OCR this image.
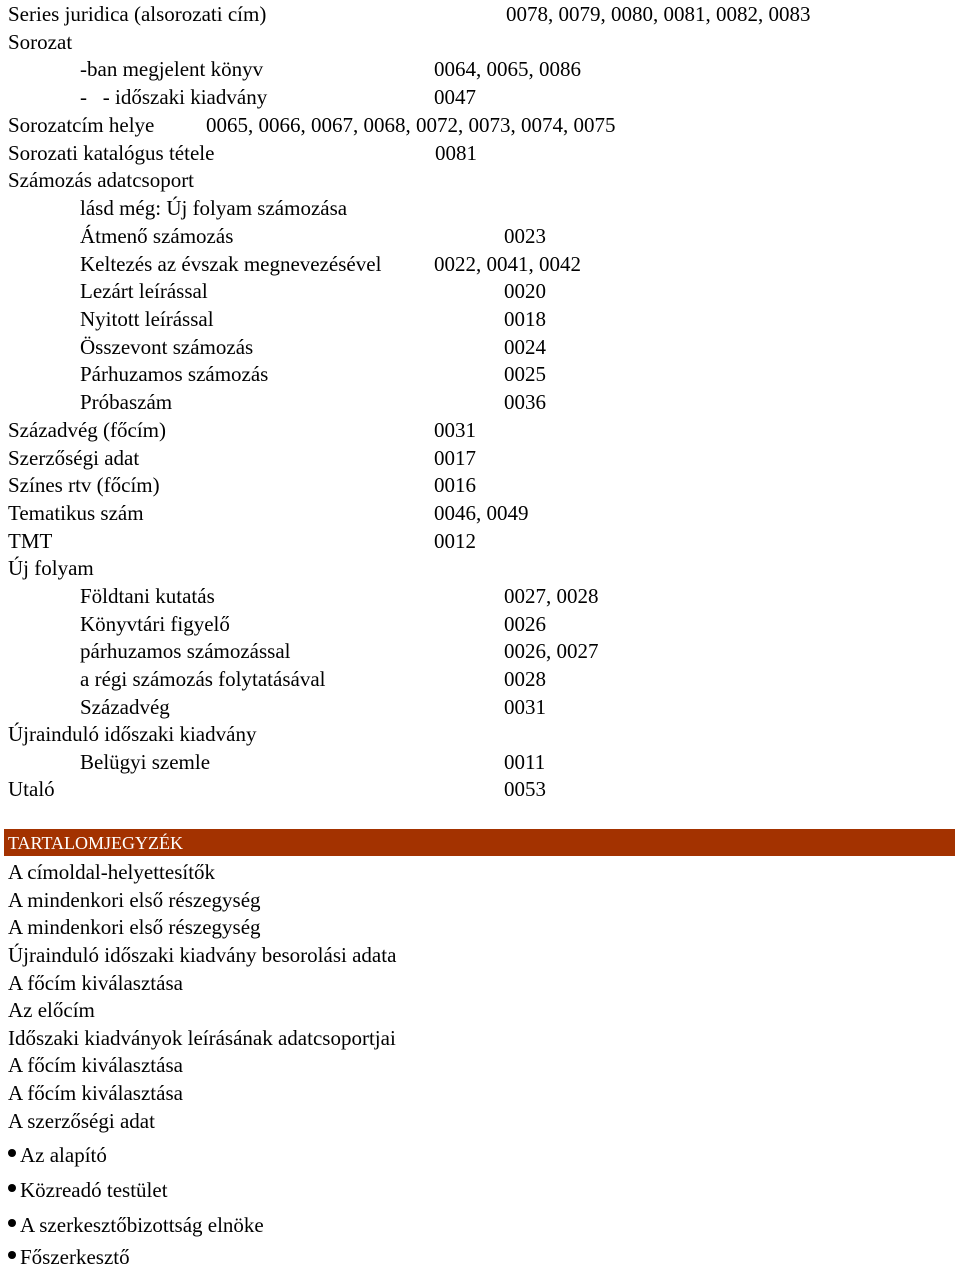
Series juridica (alsorozati cím)	0078, 0079, 0080, 0081, 0082, 0083
Sorozat
-ban megjelent könyv	0064, 0065, 0086
-   - időszaki kiadvány	0047
Sorozatcím helye 0065, 0066, 0067, 0068, 0072, 0073, 0074, 0075
Sorozati katalógus tétele	0081
Számozás adatcsoport
lásd még: Új folyam számozása
Átmenő számozás	0023
Keltezés az évszak megnevezésével	0022, 0041, 0042
Lezárt leírással	0020
Nyitott leírással	0018
Összevont számozás	0024
Párhuzamos számozás	0025
Próbaszám	0036
Századvég (főcím)	0031
Szerzőségi adat	0017
Színes rtv (főcím)	0016
Tematikus szám	0046, 0049
TMT	0012
Új folyam
Földtani kutatás	0027, 0028
Könyvtári figyelő	0026
párhuzamos számozással	0026, 0027
a régi számozás folytatásával	0028
Századvég	0031
Újrainduló időszaki kiadvány
Belügyi szemle	0011
Utaló	0053
TARTALOMJEGYZÉK
A címoldal-helyettesítők
A mindenkori első részegység
A mindenkori első részegység
Újrainduló időszaki kiadvány besorolási adata
A főcím kiválasztása
Az előcím
Időszaki kiadványok leírásának adatcsoportjai
A főcím kiválasztása
A főcím kiválasztása
A szerzőségi adat
Az alapító
Közreadó testület
A szerkesztőbizottság elnöke
Főszerkesztő
